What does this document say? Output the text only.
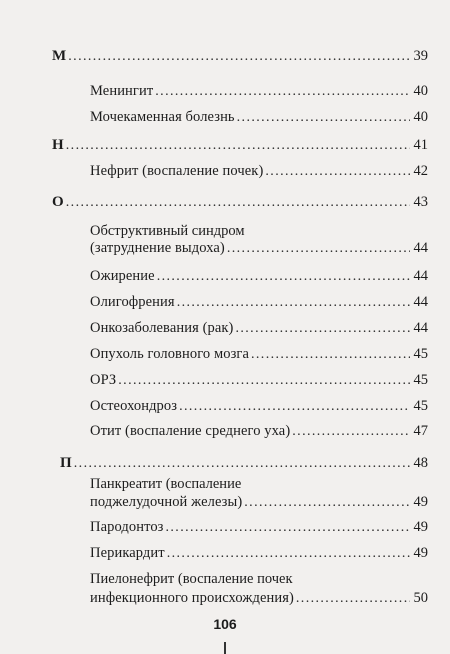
М .....	39
Менингит .....	40
Мочекаменная болезнь .....	40
Н .....	41
Нефрит (воспаление почек) .....	42
О .....	43
Обструктивный синдром
(затруднение выдоха) .....	44
Ожирение .....	44
Олигофрения .....	44
Онкозаболевания (рак) .....	44
Опухоль головного мозга .....	45
ОРЗ .....	45
Остеохондроз .....	45
Отит (воспаление среднего уха) .....	47
П .....	48
Панкреатит (воспаление
поджелудочной железы) .....	49
Пародонтоз .....	49
Перикардит .....	49
Пиелонефрит (воспаление почек
инфекционного происхождения) .....	50
106
